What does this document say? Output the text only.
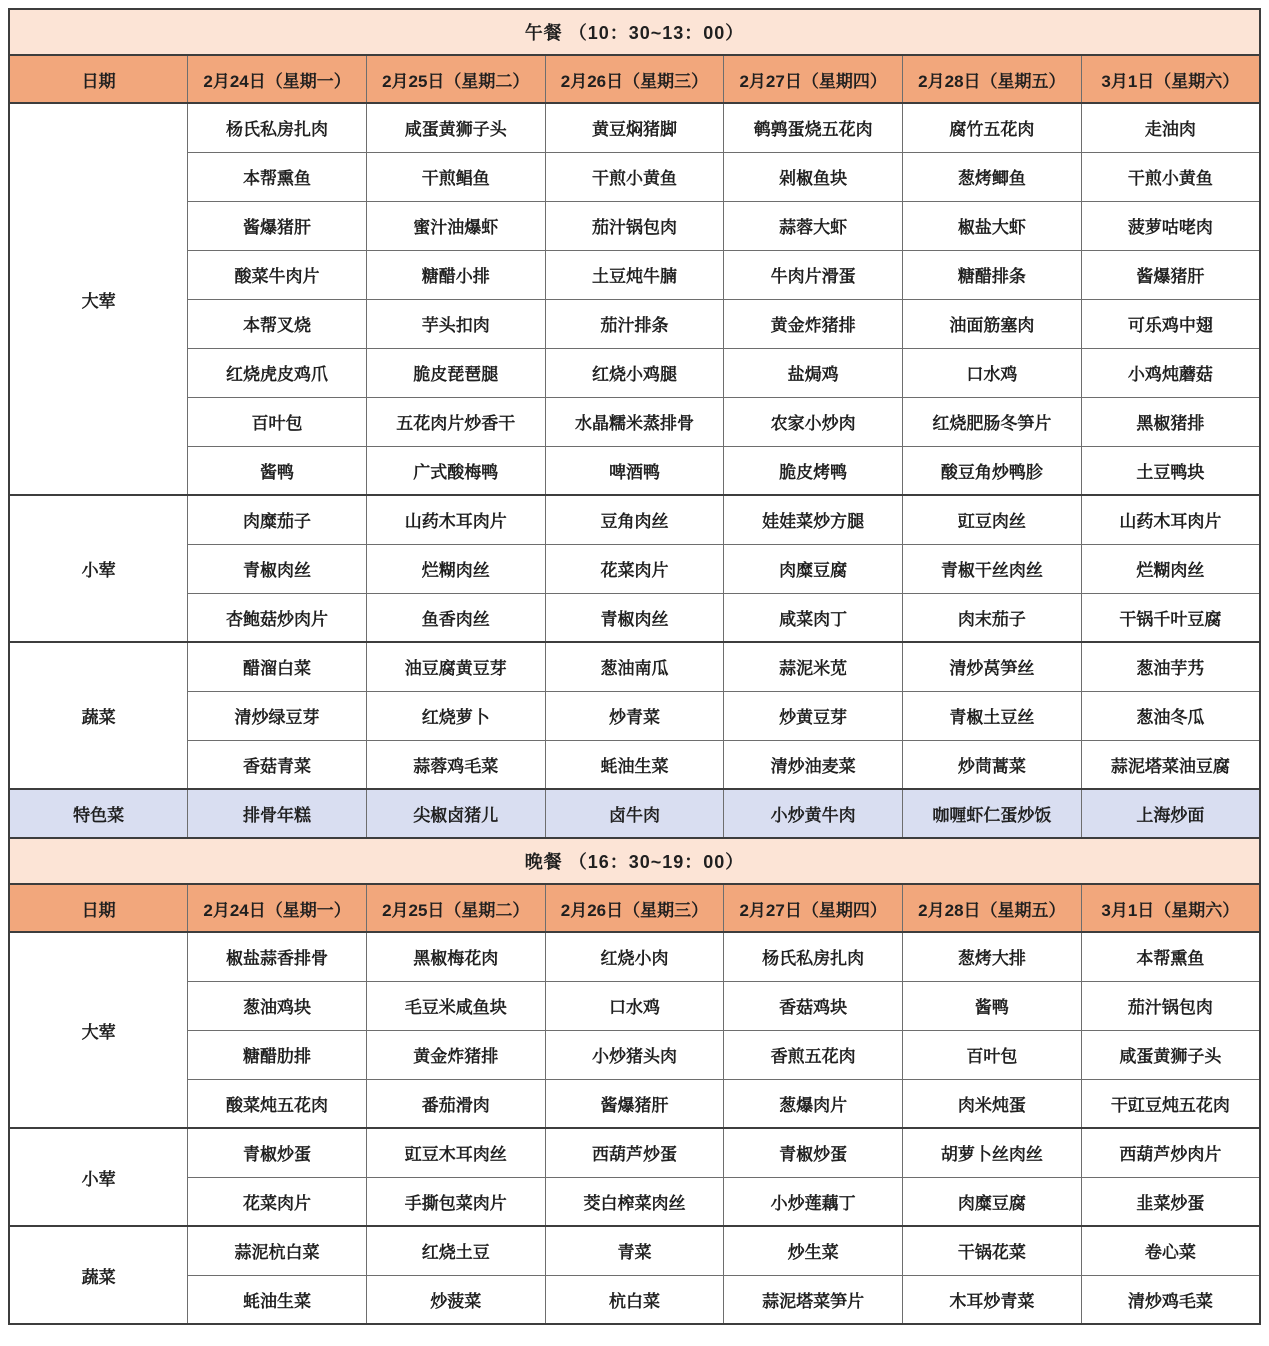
午餐 （10：30~13：00）						
日期	2月24日（星期一）	2月25日（星期二）	2月26日（星期三）	2月27日（星期四）	2月28日（星期五）	3月1日（星期六）
大荤	杨氏私房扎肉	咸蛋黄狮子头	黄豆焖猪脚	鹌鹑蛋烧五花肉	腐竹五花肉	走油肉
	本帮熏鱼	干煎鲳鱼	干煎小黄鱼	剁椒鱼块	葱烤鲫鱼	干煎小黄鱼
	酱爆猪肝	蜜汁油爆虾	茄汁锅包肉	蒜蓉大虾	椒盐大虾	菠萝咕咾肉
	酸菜牛肉片	糖醋小排	土豆炖牛腩	牛肉片滑蛋	糖醋排条	酱爆猪肝
	本帮叉烧	芋头扣肉	茄汁排条	黄金炸猪排	油面筋塞肉	可乐鸡中翅
	红烧虎皮鸡爪	脆皮琵琶腿	红烧小鸡腿	盐焗鸡	口水鸡	小鸡炖蘑菇
	百叶包	五花肉片炒香干	水晶糯米蒸排骨	农家小炒肉	红烧肥肠冬笋片	黑椒猪排
	酱鸭	广式酸梅鸭	啤酒鸭	脆皮烤鸭	酸豆角炒鸭胗	土豆鸭块
小荤	肉糜茄子	山药木耳肉片	豆角肉丝	娃娃菜炒方腿	豇豆肉丝	山药木耳肉片
	青椒肉丝	烂糊肉丝	花菜肉片	肉糜豆腐	青椒干丝肉丝	烂糊肉丝
	杏鲍菇炒肉片	鱼香肉丝	青椒肉丝	咸菜肉丁	肉末茄子	干锅千叶豆腐
蔬菜	醋溜白菜	油豆腐黄豆芽	葱油南瓜	蒜泥米苋	清炒莴笋丝	葱油芋艿
	清炒绿豆芽	红烧萝卜	炒青菜	炒黄豆芽	青椒土豆丝	葱油冬瓜
	香菇青菜	蒜蓉鸡毛菜	蚝油生菜	清炒油麦菜	炒茼蒿菜	蒜泥塔菜油豆腐
特色菜	排骨年糕	尖椒卤猪儿	卤牛肉	小炒黄牛肉	咖喱虾仁蛋炒饭	上海炒面
晚餐 （16：30~19：00）						
日期	2月24日（星期一）	2月25日（星期二）	2月26日（星期三）	2月27日（星期四）	2月28日（星期五）	3月1日（星期六）
大荤	椒盐蒜香排骨	黑椒梅花肉	红烧小肉	杨氏私房扎肉	葱烤大排	本帮熏鱼
	葱油鸡块	毛豆米咸鱼块	口水鸡	香菇鸡块	酱鸭	茄汁锅包肉
	糖醋肋排	黄金炸猪排	小炒猪头肉	香煎五花肉	百叶包	咸蛋黄狮子头
	酸菜炖五花肉	番茄滑肉	酱爆猪肝	葱爆肉片	肉米炖蛋	干豇豆炖五花肉
小荤	青椒炒蛋	豇豆木耳肉丝	西葫芦炒蛋	青椒炒蛋	胡萝卜丝肉丝	西葫芦炒肉片
	花菜肉片	手撕包菜肉片	茭白榨菜肉丝	小炒莲藕丁	肉糜豆腐	韭菜炒蛋
蔬菜	蒜泥杭白菜	红烧土豆	青菜	炒生菜	干锅花菜	卷心菜
	蚝油生菜	炒菠菜	杭白菜	蒜泥塔菜笋片	木耳炒青菜	清炒鸡毛菜
